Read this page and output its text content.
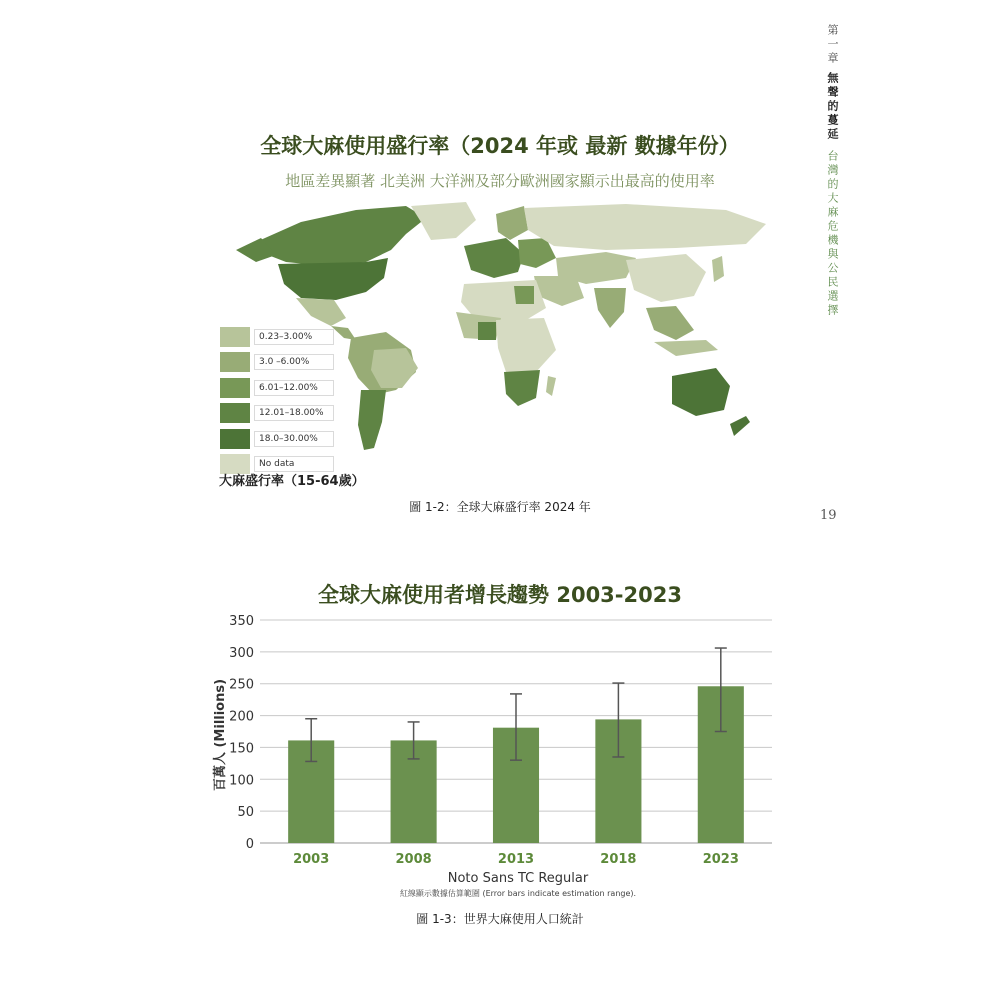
第一章
無聲的蔓延
台灣的大麻危機與公民選擇
19
全球大麻使用盛行率（2024 年或 最新 數據年份）
地區差異顯著 北美洲 大洋洲及部分歐洲國家顯示出最高的使用率
0.23–3.00%
3.0 –6.00%
6.01–12.00%
12.01–18.00%
18.0–30.00%
No data
大麻盛行率（15-64歲）
圖 1-2：全球大麻盛行率 2024 年
全球大麻使用者增長趨勢 2003-2023
0
50
100
150
200
250
300
350
2003	2008	2013	2018	2023
百萬人 (Millions)
Noto Sans TC Regular
紅線顯示數據估算範圍 (Error bars indicate estimation range).
圖 1-3：世界大麻使用人口統計
